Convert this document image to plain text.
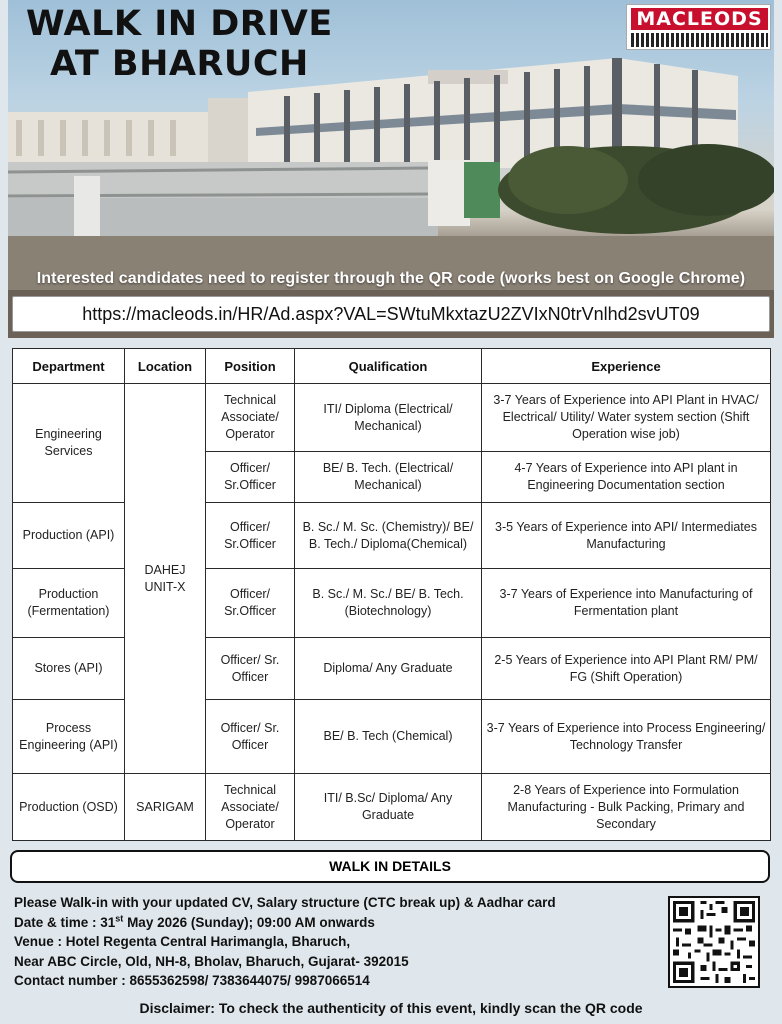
WALK IN DRIVE
AT BHARUCH
MACLEODS
Interested candidates need to register through the QR code (works best on Google Chrome)
https://macleods.in/HR/Ad.aspx?VAL=SWtuMkxtazU2ZVIxN0trVnlhd2svUT09
Department	Location	Position	Qualification	Experience
Engineering Services	DAHEJ UNIT-X	Technical Associate/ Operator	ITI/ Diploma (Electrical/ Mechanical)	3-7 Years of Experience into API Plant in HVAC/ Electrical/ Utility/ Water system section (Shift Operation wise job)
		Officer/ Sr.Officer	BE/ B. Tech. (Electrical/ Mechanical)	4-7 Years of Experience into API plant in Engineering Documentation section
Production (API)		Officer/ Sr.Officer	B. Sc./ M. Sc. (Chemistry)/ BE/ B. Tech./ Diploma(Chemical)	3-5 Years of Experience into API/ Intermediates Manufacturing
Production (Fermentation)		Officer/ Sr.Officer	B. Sc./ M. Sc./ BE/ B. Tech. (Biotechnology)	3-7 Years of Experience into Manufacturing of Fermentation plant
Stores (API)		Officer/ Sr. Officer	Diploma/ Any Graduate	2-5 Years of Experience into API Plant RM/ PM/ FG (Shift Operation)
Process Engineering (API)		Officer/ Sr. Officer	BE/ B. Tech (Chemical)	3-7 Years of Experience into Process Engineering/ Technology Transfer
Production (OSD)	SARIGAM	Technical Associate/ Operator	ITI/ B.Sc/ Diploma/ Any Graduate	2-8 Years of Experience into Formulation Manufacturing - Bulk Packing, Primary and Secondary
WALK IN DETAILS
Please Walk-in with your updated CV, Salary structure (CTC break up) & Aadhar card
Date & time : 31st May 2026 (Sunday); 09:00 AM onwards
Venue : Hotel Regenta Central Harimangla, Bharuch,
Near ABC Circle, Old, NH-8, Bholav, Bharuch, Gujarat- 392015
Contact number : 8655362598/ 7383644075/ 9987066514
Disclaimer: To check the authenticity of this event, kindly scan the QR code
